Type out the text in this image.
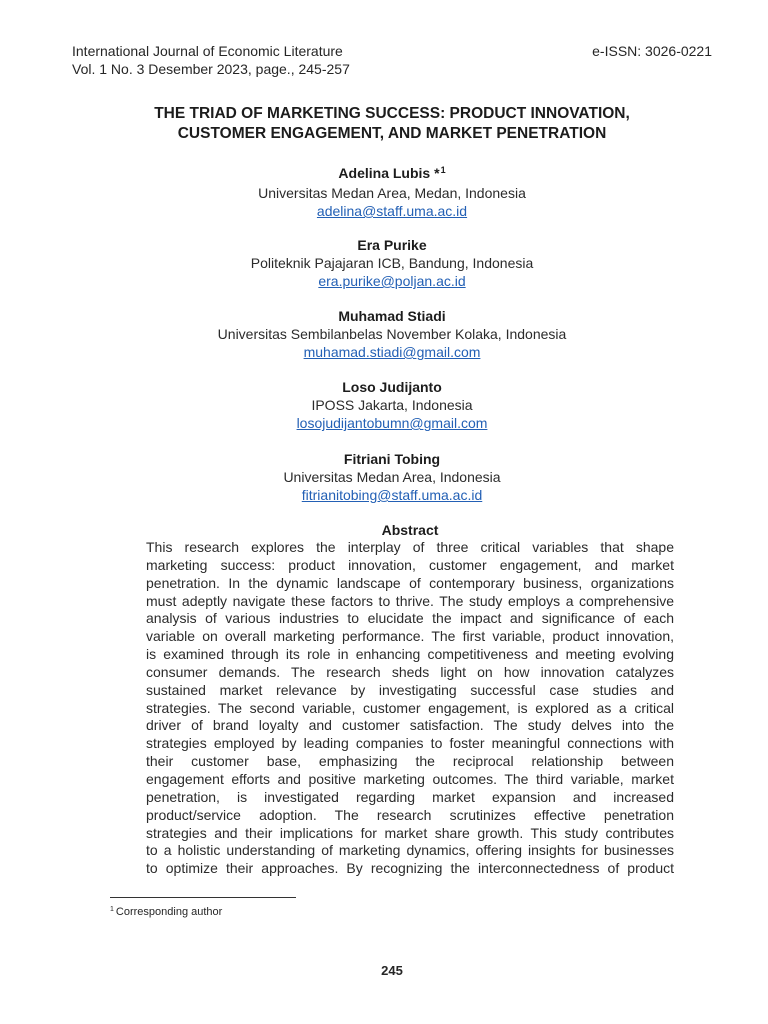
International Journal of Economic Literature	e-ISSN: 3026-0221
Vol. 1 No. 3 Desember 2023, page., 245-257
THE TRIAD OF MARKETING SUCCESS: PRODUCT INNOVATION,
CUSTOMER ENGAGEMENT, AND MARKET PENETRATION
Adelina Lubis *$^1$
Universitas Medan Area, Medan, Indonesia
adelina@staff.uma.ac.id
Era Purike
Politeknik Pajajaran ICB, Bandung, Indonesia
era.purike@poljan.ac.id
Muhamad Stiadi
Universitas Sembilanbelas November Kolaka, Indonesia
muhamad.stiadi@gmail.com
Loso Judijanto
IPOSS Jakarta, Indonesia
losojudijantobumn@gmail.com
Fitriani Tobing
Universitas Medan Area, Indonesia
fitrianitobing@staff.uma.ac.id
Abstract
This research explores the interplay of three critical variables that shape
marketing success: product innovation, customer engagement, and market
penetration. In the dynamic landscape of contemporary business, organizations
must adeptly navigate these factors to thrive. The study employs a comprehensive
analysis of various industries to elucidate the impact and significance of each
variable on overall marketing performance. The first variable, product innovation,
is examined through its role in enhancing competitiveness and meeting evolving
consumer demands. The research sheds light on how innovation catalyzes
sustained market relevance by investigating successful case studies and
strategies. The second variable, customer engagement, is explored as a critical
driver of brand loyalty and customer satisfaction. The study delves into the
strategies employed by leading companies to foster meaningful connections with
their customer base, emphasizing the reciprocal relationship between
engagement efforts and positive marketing outcomes. The third variable, market
penetration, is investigated regarding market expansion and increased
product/service adoption. The research scrutinizes effective penetration
strategies and their implications for market share growth. This study contributes
to a holistic understanding of marketing dynamics, offering insights for businesses
to optimize their approaches. By recognizing the interconnectedness of product
$^1$ Corresponding author
245
